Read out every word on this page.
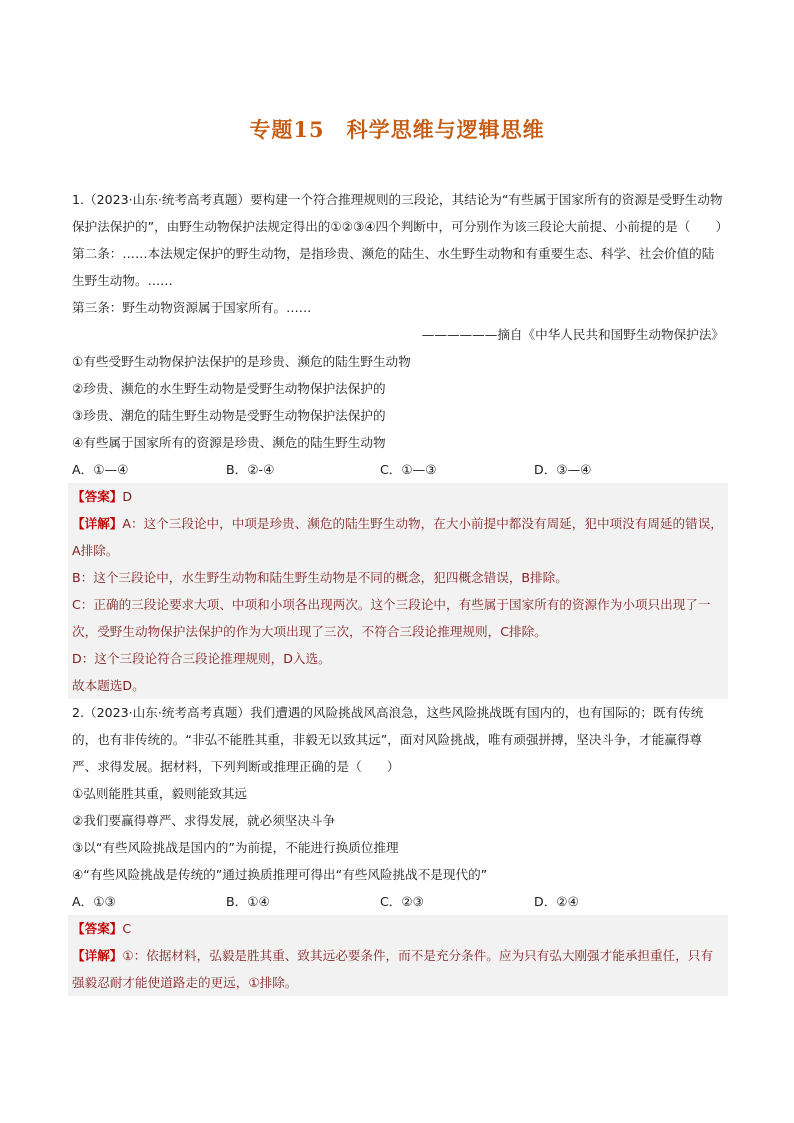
专题15　科学思维与逻辑思维

1.（2023·山东·统考高考真题）要构建一个符合推理规则的三段论，其结论为“有些属于国家所有的资源是受野生动物保护法保护的”，由野生动物保护法规定得出的①②③④四个判断中，可分别作为该三段论大前提、小前提的是（　　）

第二条：……本法规定保护的野生动物，是指珍贵、濒危的陆生、水生野生动物和有重要生态、科学、社会价值的陆生野生动物。……

第三条：野生动物资源属于国家所有。……

——————摘自《中华人民共和国野生动物保护法》

①有些受野生动物保护法保护的是珍贵、濒危的陆生野生动物

②珍贵、濒危的水生野生动物是受野生动物保护法保护的

③珍贵、潮危的陆生野生动物是受野生动物保护法保护的

④有些属于国家所有的资源是珍贵、濒危的陆生野生动物

A．①—④	B．②-④	C．①—③	D．③—④

【答案】D

【详解】A：这个三段论中，中项是珍贵、濒危的陆生野生动物，在大小前提中都没有周延，犯中项没有周延的错误，A排除。

B：这个三段论中，水生野生动物和陆生野生动物是不同的概念，犯四概念错误，B排除。

C：正确的三段论要求大项、中项和小项各出现两次。这个三段论中，有些属于国家所有的资源作为小项只出现了一次，受野生动物保护法保护的作为大项出现了三次，不符合三段论推理规则，C排除。

D：这个三段论符合三段论推理规则，D入选。

故本题选D。

2.（2023·山东·统考高考真题）我们遭遇的风险挑战风高浪急，这些风险挑战既有国内的，也有国际的；既有传统的，也有非传统的。“非弘不能胜其重，非毅无以致其远”，面对风险挑战，唯有顽强拼搏，坚决斗争，才能赢得尊严、求得发展。据材料，下列判断或推理正确的是（　　）

①弘则能胜其重，毅则能致其远

②我们要赢得尊严、求得发展，就必须坚决斗争

③以“有些风险挑战是国内的”为前提，不能进行换质位推理

④“有些风险挑战是传统的”通过换质推理可得出“有些风险挑战不是现代的”

A．①③	B．①④	C．②③	D．②④

【答案】C

【详解】①：依据材料，弘毅是胜其重、致其远必要条件，而不是充分条件。应为只有弘大刚强才能承担重任，只有强毅忍耐才能使道路走的更远，①排除。
